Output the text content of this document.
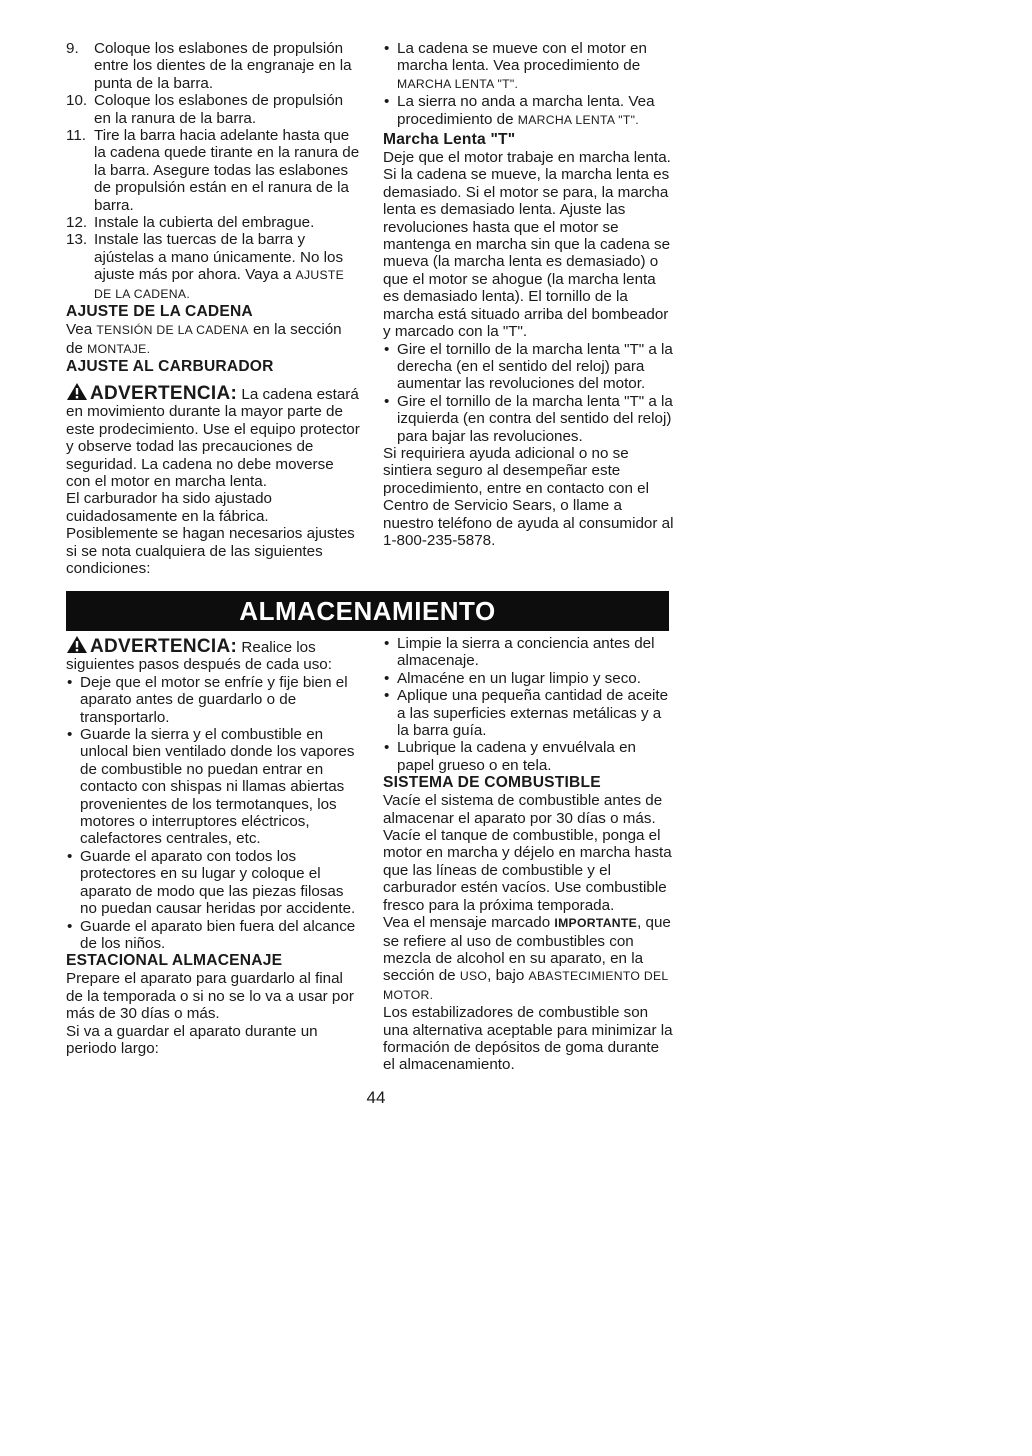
9.	Coloque los eslabones de propulsión entre los dientes de la engranaje en la punta de la barra.
10. Coloque los eslabones de propulsión en la ranura de la barra.
11. Tire la barra hacia adelante hasta que la cadena quede tirante en la ranura de la barra. Asegure todas las eslabones de propulsión están en el ranura de la barra.
12. Instale la cubierta del embrague.
13. Instale las tuercas de la barra y ajústelas a mano únicamente. No los ajuste más por ahora. Vaya a AJUSTE DE LA CADENA.
AJUSTE DE LA CADENA

Vea TENSIÓN DE LA CADENA en la sección de MONTAJE.

AJUSTE AL CARBURADOR

ADVERTENCIA: La cadena estará en movimiento durante la mayor parte de este prodecimiento. Use el equipo protector y observe todad las precauciones de seguridad. La cadena no debe moverse con el motor en marcha lenta.

El carburador ha sido ajustado cuidadosamente en la fábrica. Posiblemente se hagan necesarios ajustes si se nota cualquiera de las siguientes condiciones:

• La cadena se mueve con el motor en marcha lenta. Vea procedimiento de MARCHA LENTA "T".
• La sierra no anda a marcha lenta. Vea procedimiento de MARCHA LENTA "T".
Marcha Lenta "T"

Deje que el motor trabaje en marcha lenta. Si la cadena se mueve, la marcha lenta es demasiado. Si el motor se para, la marcha lenta es demasiado lenta. Ajuste las revoluciones hasta que el motor se mantenga en marcha sin que la cadena se mueva (la marcha lenta es demasiado) o que el motor se ahogue (la marcha lenta es demasiado lenta). El tornillo de la marcha está situado arriba del bombeador y marcado con la "T".

• Gire el tornillo de la marcha lenta "T" a la derecha (en el sentido del reloj) para aumentar las revoluciones del motor.
• Gire el tornillo de la marcha lenta "T" a la izquierda (en contra del sentido del reloj) para bajar las revoluciones.

Si requiriera ayuda adicional o no se sintiera seguro al desempeñar este procedimiento, entre en contacto con el Centro de Servicio Sears, o llame a nuestro teléfono de ayuda al consumidor al 1-800-235-5878.

ALMACENAMIENTO

ADVERTENCIA: Realice los siguientes pasos después de cada uso:

• Deje que el motor se enfríe y fije bien el aparato antes de guardarlo o de transportarlo.
• Guarde la sierra y el combustible en unlocal bien ventilado donde los vapores de combustible no puedan entrar en contacto con shispas ni llamas abiertas provenientes de los termotanques, los motores o interruptores eléctricos, calefactores centrales, etc.
• Guarde el aparato con todos los protectores en su lugar y coloque el aparato de modo que las piezas filosas no puedan causar heridas por accidente.
• Guarde el aparato bien fuera del alcance de los niños.
ESTACIONAL ALMACENAJE

Prepare el aparato para guardarlo al final de la temporada o si no se lo va a usar por más de 30 días o más.

Si va a guardar el aparato durante un periodo largo:

• Limpie la sierra a conciencia antes del almacenaje.
• Almacéne en un lugar limpio y seco.
• Aplique una pequeña cantidad de aceite a las superficies externas metálicas y a la barra guía.
• Lubrique la cadena y envuélvala en papel grueso o en tela.
SISTEMA DE COMBUSTIBLE

Vacíe el sistema de combustible antes de almacenar el aparato por 30 días o más. Vacíe el tanque de combustible, ponga el motor en marcha y déjelo en marcha hasta que las líneas de combustible y el carburador estén vacíos. Use combustible fresco para la próxima temporada.

Vea el mensaje marcado IMPORTANTE, que se refiere al uso de combustibles con mezcla de alcohol en su aparato, en la sección de USO, bajo ABASTECIMIENTO DEL MOTOR.

Los estabilizadores de combustible son una alternativa aceptable para minimizar la formación de depósitos de goma durante el almacenamiento.

44
